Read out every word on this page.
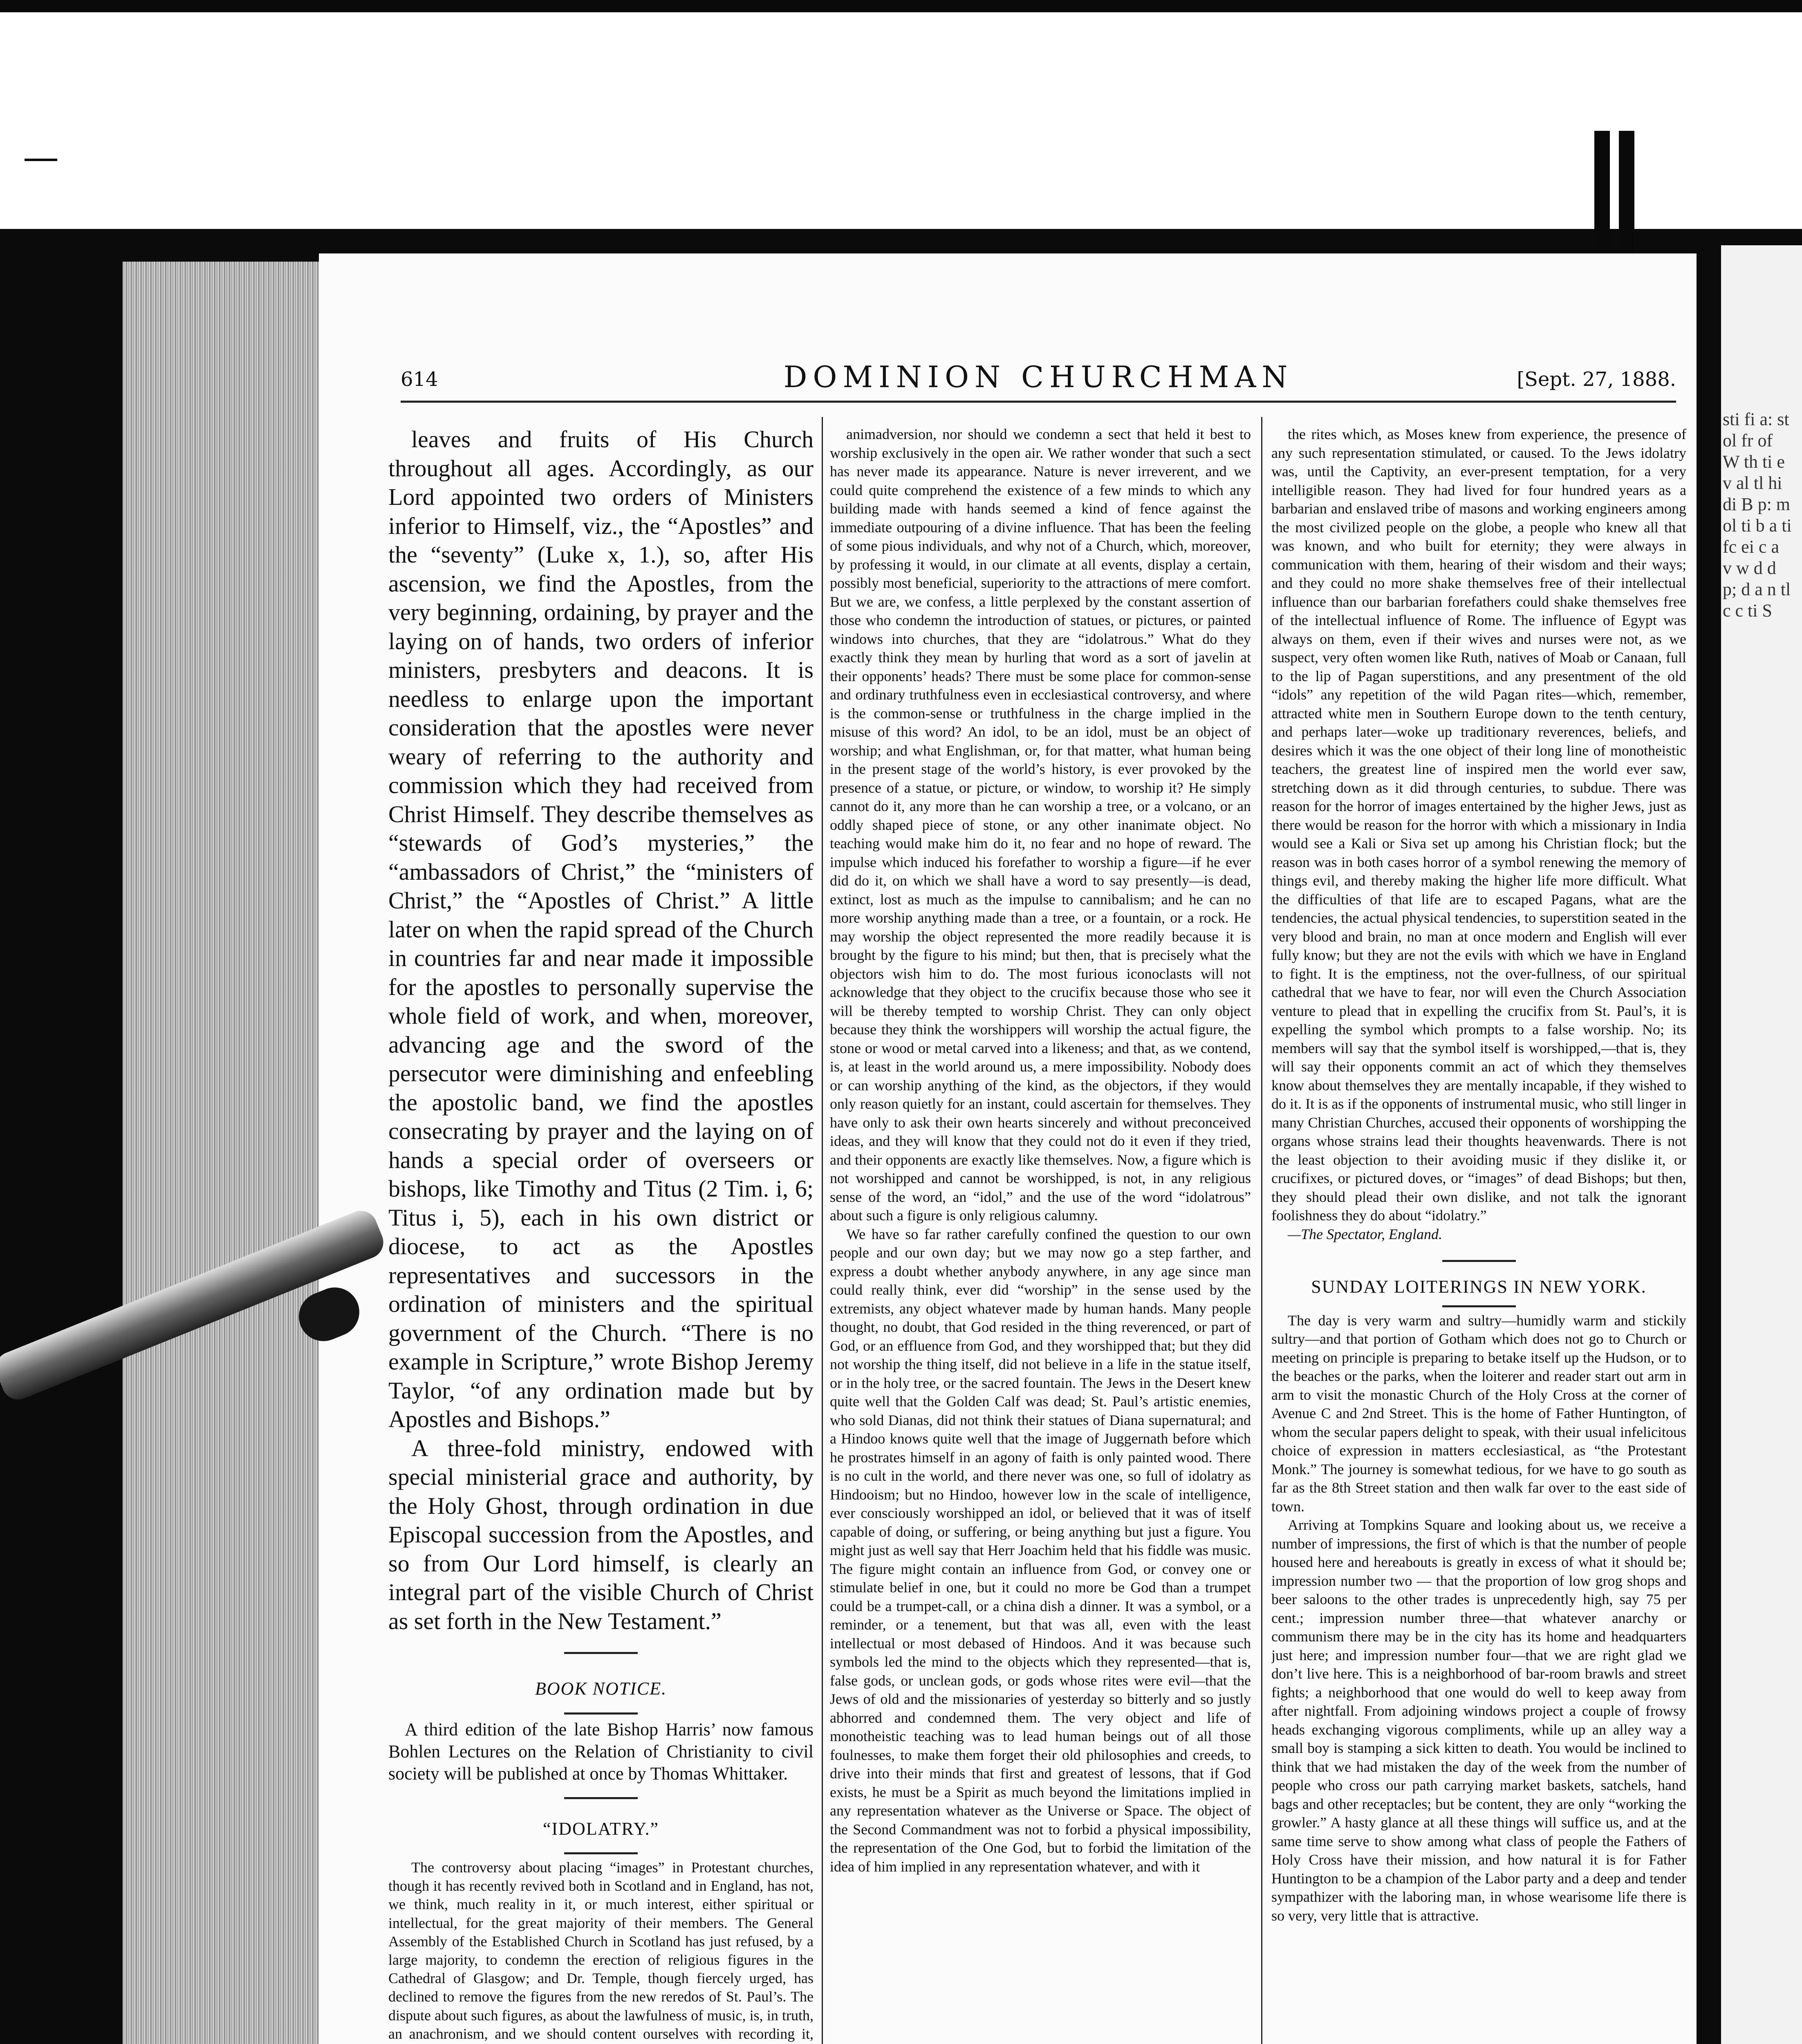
sti fi a: st ol fr of W th ti ev al tl hi di B p: m ol ti b a ti fc ei c a v w d d p; d a n tl c c ti S
614	DOMINION CHURCHMAN	[Sept. 27, 1888.

leaves and fruits of His Church throughout all ages. Accordingly, as our Lord appointed two orders of Ministers inferior to Himself, viz., the “Apostles” and the “seventy” (Luke x, 1.), so, after His ascension, we find the Apostles, from the very beginning, ordaining, by prayer and the laying on of hands, two orders of inferior ministers, presbyters and deacons. It is needless to enlarge upon the important consideration that the apostles were never weary of referring to the authority and commission which they had received from Christ Himself. They describe themselves as “stewards of God’s mysteries,” the “ambassadors of Christ,” the “ministers of Christ,” the “Apostles of Christ.” A little later on when the rapid spread of the Church in countries far and near made it impossible for the apostles to personally supervise the whole field of work, and when, moreover, advancing age and the sword of the persecutor were diminishing and enfeebling the apostolic band, we find the apostles consecrating by prayer and the laying on of hands a special order of overseers or bishops, like Timothy and Titus (2 Tim. i, 6; Titus i, 5), each in his own district or diocese, to act as the Apostles representatives and successors in the ordination of ministers and the spiritual government of the Church. “There is no example in Scripture,” wrote Bishop Jeremy Taylor, “of any ordination made but by Apostles and Bishops.”

A three-fold ministry, endowed with special ministerial grace and authority, by the Holy Ghost, through ordination in due Episcopal succession from the Apostles, and so from Our Lord himself, is clearly an integral part of the visible Church of Christ as set forth in the New Testament.”

BOOK NOTICE.

A third edition of the late Bishop Harris’ now famous Bohlen Lectures on the Relation of Christianity to civil society will be published at once by Thomas Whittaker.

“IDOLATRY.”

The controversy about placing “images” in Protestant churches, though it has recently revived both in Scotland and in England, has not, we think, much reality in it, or much interest, either spiritual or intellectual, for the great majority of their members. The General Assembly of the Established Church in Scotland has just refused, by a large majority, to condemn the erection of religious figures in the Cathedral of Glasgow; and Dr. Temple, though fiercely urged, has declined to remove the figures from the new reredos of St. Paul’s. The dispute about such figures, as about the lawfulness of music, is, in truth, an anachronism, and we should content ourselves with recording it,

animadversion, nor should we condemn a sect that held it best to worship exclusively in the open air. We rather wonder that such a sect has never made its appearance. Nature is never irreverent, and we could quite comprehend the existence of a few minds to which any building made with hands seemed a kind of fence against the immediate outpouring of a divine influence. That has been the feeling of some pious individuals, and why not of a Church, which, moreover, by professing it would, in our climate at all events, display a certain, possibly most beneficial, superiority to the attractions of mere comfort. But we are, we confess, a little perplexed by the constant assertion of those who condemn the introduction of statues, or pictures, or painted windows into churches, that they are “idolatrous.” What do they exactly think they mean by hurling that word as a sort of javelin at their opponents’ heads? There must be some place for common-sense and ordinary truthfulness even in ecclesiastical controversy, and where is the common-sense or truthfulness in the charge implied in the misuse of this word? An idol, to be an idol, must be an object of worship; and what Englishman, or, for that matter, what human being in the present stage of the world’s history, is ever provoked by the presence of a statue, or picture, or window, to worship it? He simply cannot do it, any more than he can worship a tree, or a volcano, or an oddly shaped piece of stone, or any other inanimate object. No teaching would make him do it, no fear and no hope of reward. The impulse which induced his forefather to worship a figure—if he ever did do it, on which we shall have a word to say presently—is dead, extinct, lost as much as the impulse to cannibalism; and he can no more worship anything made than a tree, or a fountain, or a rock. He may worship the object represented the more readily because it is brought by the figure to his mind; but then, that is precisely what the objectors wish him to do. The most furious iconoclasts will not acknowledge that they object to the crucifix because those who see it will be thereby tempted to worship Christ. They can only object because they think the worshippers will worship the actual figure, the stone or wood or metal carved into a likeness; and that, as we contend, is, at least in the world around us, a mere impossibility. Nobody does or can worship anything of the kind, as the objectors, if they would only reason quietly for an instant, could ascertain for themselves. They have only to ask their own hearts sincerely and without preconceived ideas, and they will know that they could not do it even if they tried, and their opponents are exactly like themselves. Now, a figure which is not worshipped and cannot be worshipped, is not, in any religious sense of the word, an “idol,” and the use of the word “idolatrous” about such a figure is only religious calumny.

We have so far rather carefully confined the question to our own people and our own day; but we may now go a step farther, and express a doubt whether anybody anywhere, in any age since man could really think, ever did “worship” in the sense used by the extremists, any object whatever made by human hands. Many people thought, no doubt, that God resided in the thing reverenced, or part of God, or an effluence from God, and they worshipped that; but they did not worship the thing itself, did not believe in a life in the statue itself, or in the holy tree, or the sacred fountain. The Jews in the Desert knew quite well that the Golden Calf was dead; St. Paul’s artistic enemies, who sold Dianas, did not think their statues of Diana supernatural; and a Hindoo knows quite well that the image of Juggernath before which he prostrates himself in an agony of faith is only painted wood. There is no cult in the world, and there never was one, so full of idolatry as Hindooism; but no Hindoo, however low in the scale of intelligence, ever consciously worshipped an idol, or believed that it was of itself capable of doing, or suffering, or being anything but just a figure. You might just as well say that Herr Joachim held that his fiddle was music. The figure might contain an influence from God, or convey one or stimulate belief in one, but it could no more be God than a trumpet could be a trumpet-call, or a china dish a dinner. It was a symbol, or a reminder, or a tenement, but that was all, even with the least intellectual or most debased of Hindoos. And it was because such symbols led the mind to the objects which they represented—that is, false gods, or unclean gods, or gods whose rites were evil—that the Jews of old and the missionaries of yesterday so bitterly and so justly abhorred and condemned them. The very object and life of monotheistic teaching was to lead human beings out of all those foulnesses, to make them forget their old philosophies and creeds, to drive into their minds that first and greatest of lessons, that if God exists, he must be a Spirit as much beyond the limitations implied in any representation whatever as the Universe or Space. The object of the Second Commandment was not to forbid a physical impossibility, the representation of the One God, but to forbid the limitation of the idea of him implied in any representation whatever, and with it

the rites which, as Moses knew from experience, the presence of any such representation stimulated, or caused. To the Jews idolatry was, until the Captivity, an ever-present temptation, for a very intelligible reason. They had lived for four hundred years as a barbarian and enslaved tribe of masons and working engineers among the most civilized people on the globe, a people who knew all that was known, and who built for eternity; they were always in communication with them, hearing of their wisdom and their ways; and they could no more shake themselves free of their intellectual influence than our barbarian forefathers could shake themselves free of the intellectual influence of Rome. The influence of Egypt was always on them, even if their wives and nurses were not, as we suspect, very often women like Ruth, natives of Moab or Canaan, full to the lip of Pagan superstitions, and any presentment of the old “idols” any repetition of the wild Pagan rites—which, remember, attracted white men in Southern Europe down to the tenth century, and perhaps later—woke up traditionary reverences, beliefs, and desires which it was the one object of their long line of monotheistic teachers, the greatest line of inspired men the world ever saw, stretching down as it did through centuries, to subdue. There was reason for the horror of images entertained by the higher Jews, just as there would be reason for the horror with which a missionary in India would see a Kali or Siva set up among his Christian flock; but the reason was in both cases horror of a symbol renewing the memory of things evil, and thereby making the higher life more difficult. What the difficulties of that life are to escaped Pagans, what are the tendencies, the actual physical tendencies, to superstition seated in the very blood and brain, no man at once modern and English will ever fully know; but they are not the evils with which we have in England to fight. It is the emptiness, not the over-fullness, of our spiritual cathedral that we have to fear, nor will even the Church Association venture to plead that in expelling the crucifix from St. Paul’s, it is expelling the symbol which prompts to a false worship. No; its members will say that the symbol itself is worshipped,—that is, they will say their opponents commit an act of which they themselves know about themselves they are mentally incapable, if they wished to do it. It is as if the opponents of instrumental music, who still linger in many Christian Churches, accused their opponents of worshipping the organs whose strains lead their thoughts heavenwards. There is not the least objection to their avoiding music if they dislike it, or crucifixes, or pictured doves, or “images” of dead Bishops; but then, they should plead their own dislike, and not talk the ignorant foolishness they do about “idolatry.”

—The Spectator, England.

SUNDAY LOITERINGS IN NEW YORK.

The day is very warm and sultry—humidly warm and stickily sultry—and that portion of Gotham which does not go to Church or meeting on principle is preparing to betake itself up the Hudson, or to the beaches or the parks, when the loiterer and reader start out arm in arm to visit the monastic Church of the Holy Cross at the corner of Avenue C and 2nd Street. This is the home of Father Huntington, of whom the secular papers delight to speak, with their usual infelicitous choice of expression in matters ecclesiastical, as “the Protestant Monk.” The journey is somewhat tedious, for we have to go south as far as the 8th Street station and then walk far over to the east side of town.

Arriving at Tompkins Square and looking about us, we receive a number of impressions, the first of which is that the number of people housed here and hereabouts is greatly in excess of what it should be; impression number two — that the proportion of low grog shops and beer saloons to the other trades is unprecedently high, say 75 per cent.; impression number three—that whatever anarchy or communism there may be in the city has its home and headquarters just here; and impression number four—that we are right glad we don’t live here. This is a neighborhood of bar-room brawls and street fights; a neighborhood that one would do well to keep away from after nightfall. From adjoining windows project a couple of frowsy heads exchanging vigorous compliments, while up an alley way a small boy is stamping a sick kitten to death. You would be inclined to think that we had mistaken the day of the week from the number of people who cross our path carrying market baskets, satchels, hand bags and other receptacles; but be content, they are only “working the growler.” A hasty glance at all these things will suffice us, and at the same time serve to show among what class of people the Fathers of Holy Cross have their mission, and how natural it is for Father Huntington to be a champion of the Labor party and a deep and tender sympathizer with the laboring man, in whose wearisome life there is so very, very little that is attractive.
